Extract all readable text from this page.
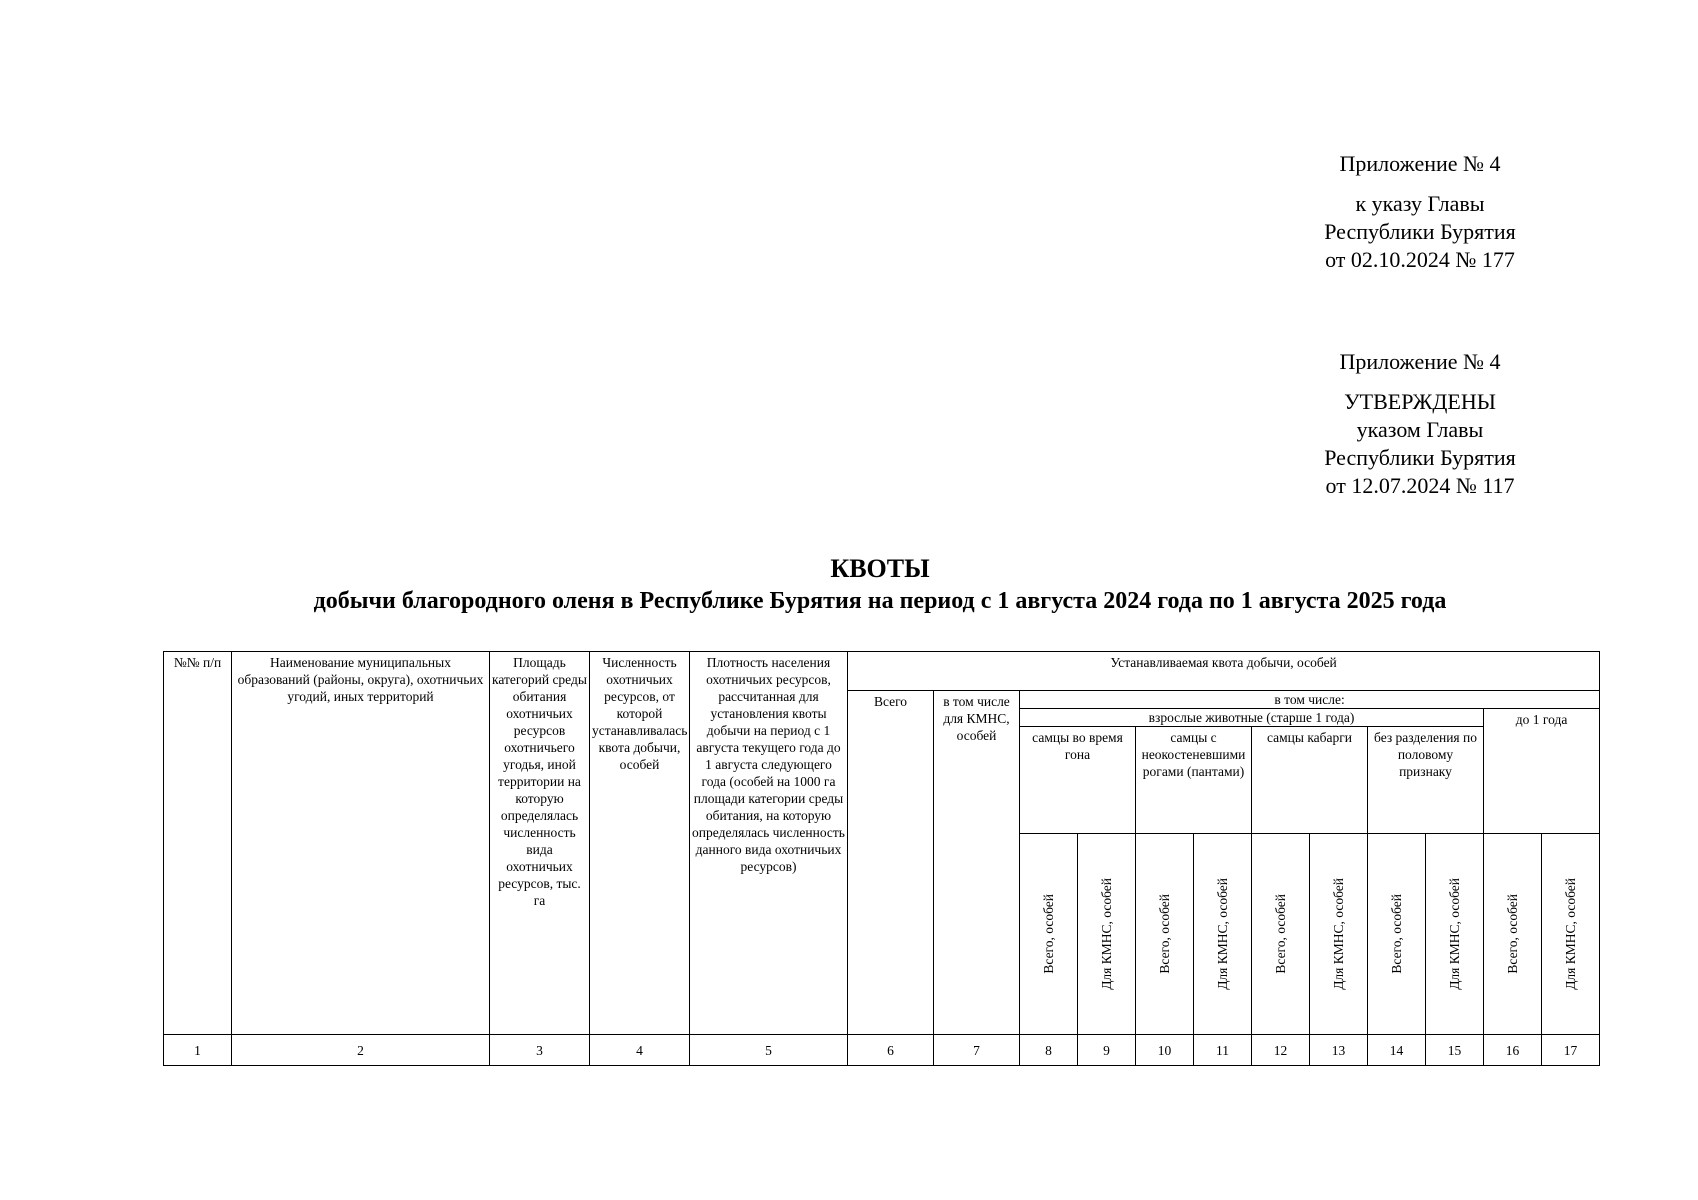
Приложение № 4

к указу Главы

Республики Бурятия

от 02.10.2024 № 177

Приложение № 4

УТВЕРЖДЕНЫ

указом Главы

Республики Бурятия

от 12.07.2024 № 117

КВОТЫ
добычи благородного оленя в Республике Бурятия на период с 1 августа 2024 года по 1 августа 2025 года
№№ п/п	Наименование муниципальных образований (районы, округа), охотничьих угодий, иных территорий	Площадь категорий среды обитания охотничьих ресурсов охотничьего угодья, иной территории на которую определялась численность вида охотничьих ресурсов, тыс. га	Численность охотничьих ресурсов, от которой устанавливалась квота добычи, особей	Плотность населения охотничьих ресурсов, рассчитанная для установления квоты добычи на период с 1 августа текущего года до 1 августа следующего года (особей на 1000 га площади категории среды обитания, на которую определялась численность данного вида охотничьих ресурсов)	Устанавливаемая квота добычи, особей											
					Всего	в том числе для КМНС, особей	в том числе:									
							взрослые животные (старше 1 года)								до 1 года	
							самцы во время гона		самцы с неокостеневшими рогами (пантами)		самцы кабарги		без разделения по половому признаку			

							Всего, особей	Для КМНС, особей	Всего, особей	Для КМНС, особей	Всего, особей	Для КМНС, особей	Всего, особей	Для КМНС, особей	Всего, особей	Для КМНС, особей

1	2	3	4	5	6	7	8	9	10	11	12	13	14	15	16	17
